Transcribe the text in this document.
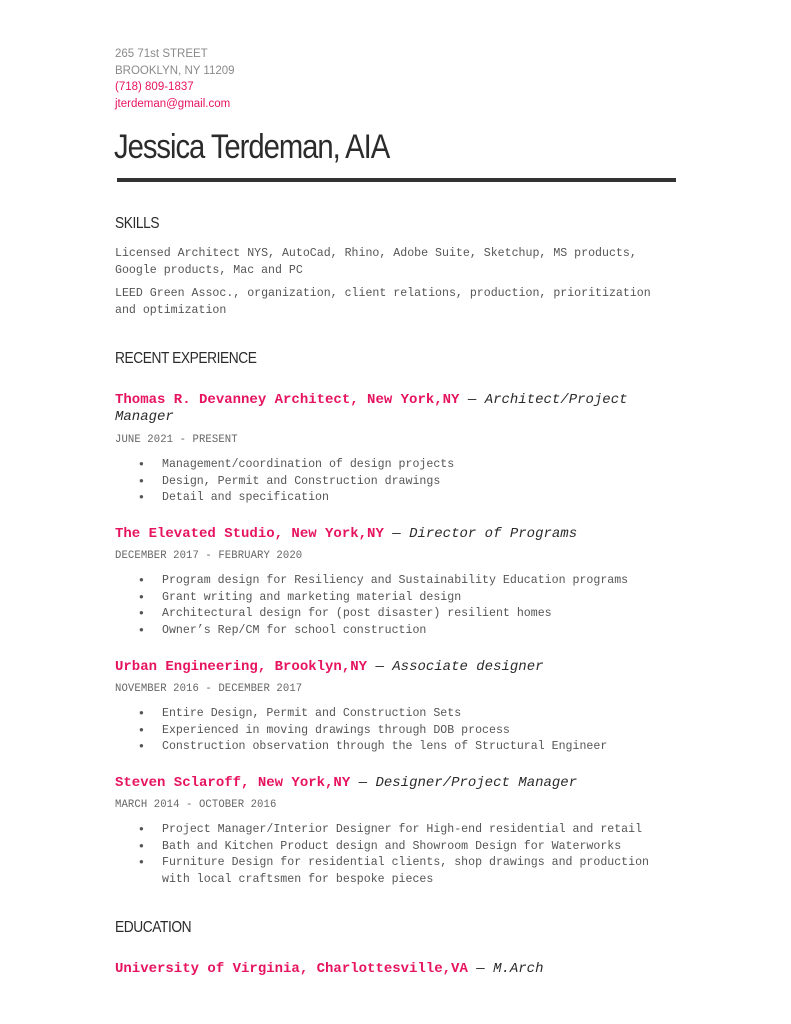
265 71st STREET
BROOKLYN, NY 11209
(718) 809-1837
jterdeman@gmail.com
Jessica Terdeman, AIA
SKILLS
Licensed Architect NYS, AutoCad, Rhino, Adobe Suite, Sketchup, MS products, Google products, Mac and PC
LEED Green Assoc., organization, client relations, production, prioritization and optimization
RECENT EXPERIENCE
Thomas R. Devanney Architect, New York,NY — Architect/Project Manager
JUNE 2021 - PRESENT
● Management/coordination of design projects
● Design, Permit and Construction drawings
● Detail and specification
The Elevated Studio, New York,NY — Director of Programs
DECEMBER 2017 - FEBRUARY 2020
● Program design for Resiliency and Sustainability Education programs
● Grant writing and marketing material design
● Architectural design for (post disaster) resilient homes
● Owner’s Rep/CM for school construction
Urban Engineering, Brooklyn,NY — Associate designer
NOVEMBER 2016 - DECEMBER 2017
● Entire Design, Permit and Construction Sets
● Experienced in moving drawings through DOB process
● Construction observation through the lens of Structural Engineer
Steven Sclaroff, New York,NY — Designer/Project Manager
MARCH 2014 - OCTOBER 2016
● Project Manager/Interior Designer for High-end residential and retail
● Bath and Kitchen Product design and Showroom Design for Waterworks
● Furniture Design for residential clients, shop drawings and production with local craftsmen for bespoke pieces
EDUCATION
University of Virginia, Charlottesville,VA — M.Arch
